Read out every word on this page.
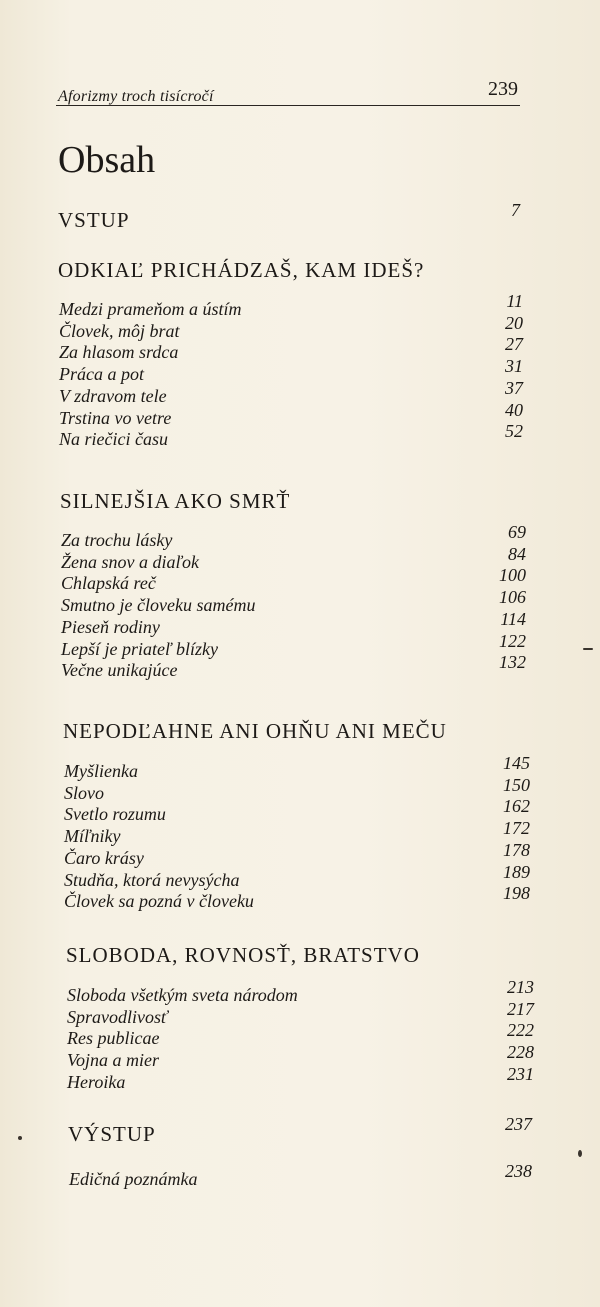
Aforizmy troch tisícročí	239
Obsah
VSTUP	7
ODKIAĽ PRICHÁDZAŠ, KAM IDEŠ?
Medzi prameňom a ústím	11
Človek, môj brat	20
Za hlasom srdca	27
Práca a pot	31
V zdravom tele	37
Trstina vo vetre	40
Na riečici času	52
SILNEJŠIA AKO SMRŤ
Za trochu lásky	69
Žena snov a diaľok	84
Chlapská reč	100
Smutno je človeku samému	106
Pieseň rodiny	114
Lepší je priateľ blízky	122
Večne unikajúce	132
NEPODĽAHNE ANI OHŇU ANI MEČU
Myšlienka	145
Slovo	150
Svetlo rozumu	162
Míľniky	172
Čaro krásy	178
Studňa, ktorá nevysýcha	189
Človek sa pozná v človeku	198
SLOBODA, ROVNOSŤ, BRATSTVO
Sloboda všetkým sveta národom	213
Spravodlivosť	217
Res publicae	222
Vojna a mier	228
Heroika	231
VÝSTUP	237
Edičná poznámka	238
